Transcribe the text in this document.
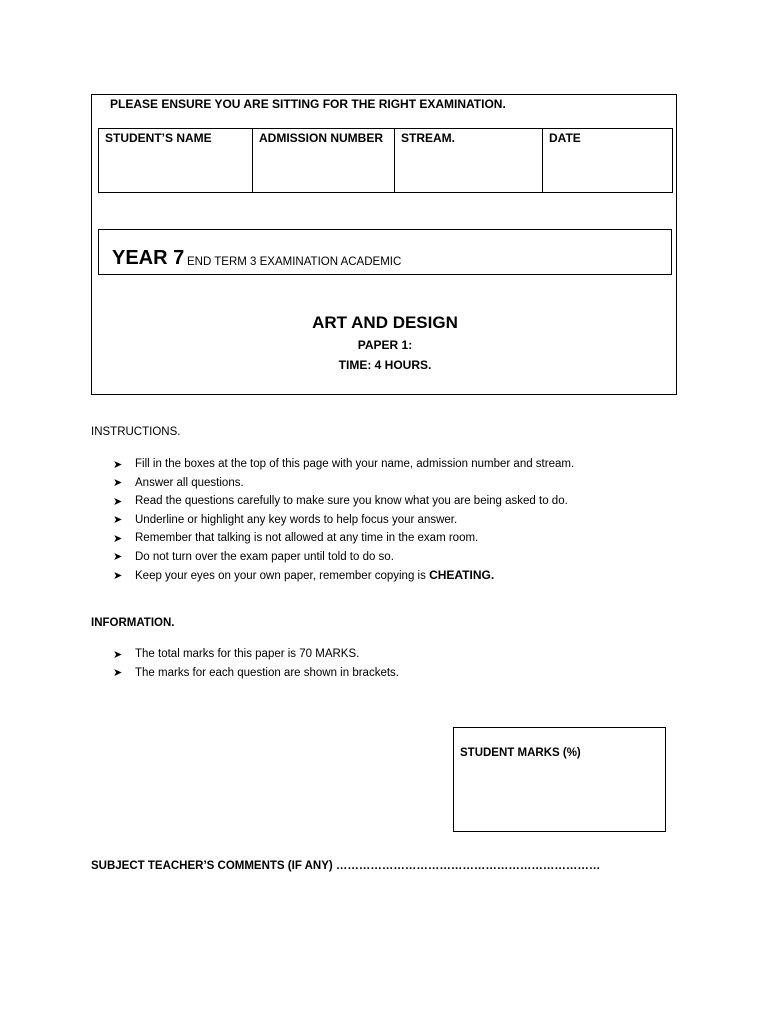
PLEASE ENSURE YOU ARE SITTING FOR THE RIGHT EXAMINATION.
STUDENT’S NAME	ADMISSION NUMBER	STREAM.	DATE
YEAR 7 END TERM 3 EXAMINATION ACADEMIC
ART AND DESIGN
PAPER 1:
TIME: 4 HOURS.
INSTRUCTIONS.
➤	Fill in the boxes at the top of this page with your name, admission number and stream.
➤	Answer all questions.
➤	Read the questions carefully to make sure you know what you are being asked to do.
➤	Underline or highlight any key words to help focus your answer.
➤	Remember that talking is not allowed at any time in the exam room.
➤	Do not turn over the exam paper until told to do so.
➤	Keep your eyes on your own paper, remember copying is CHEATING.
INFORMATION.
➤	The total marks for this paper is 70 MARKS.
➤	The marks for each question are shown in brackets.
STUDENT MARKS (%)
SUBJECT TEACHER’S COMMENTS (IF ANY) ……………………………………………………………
